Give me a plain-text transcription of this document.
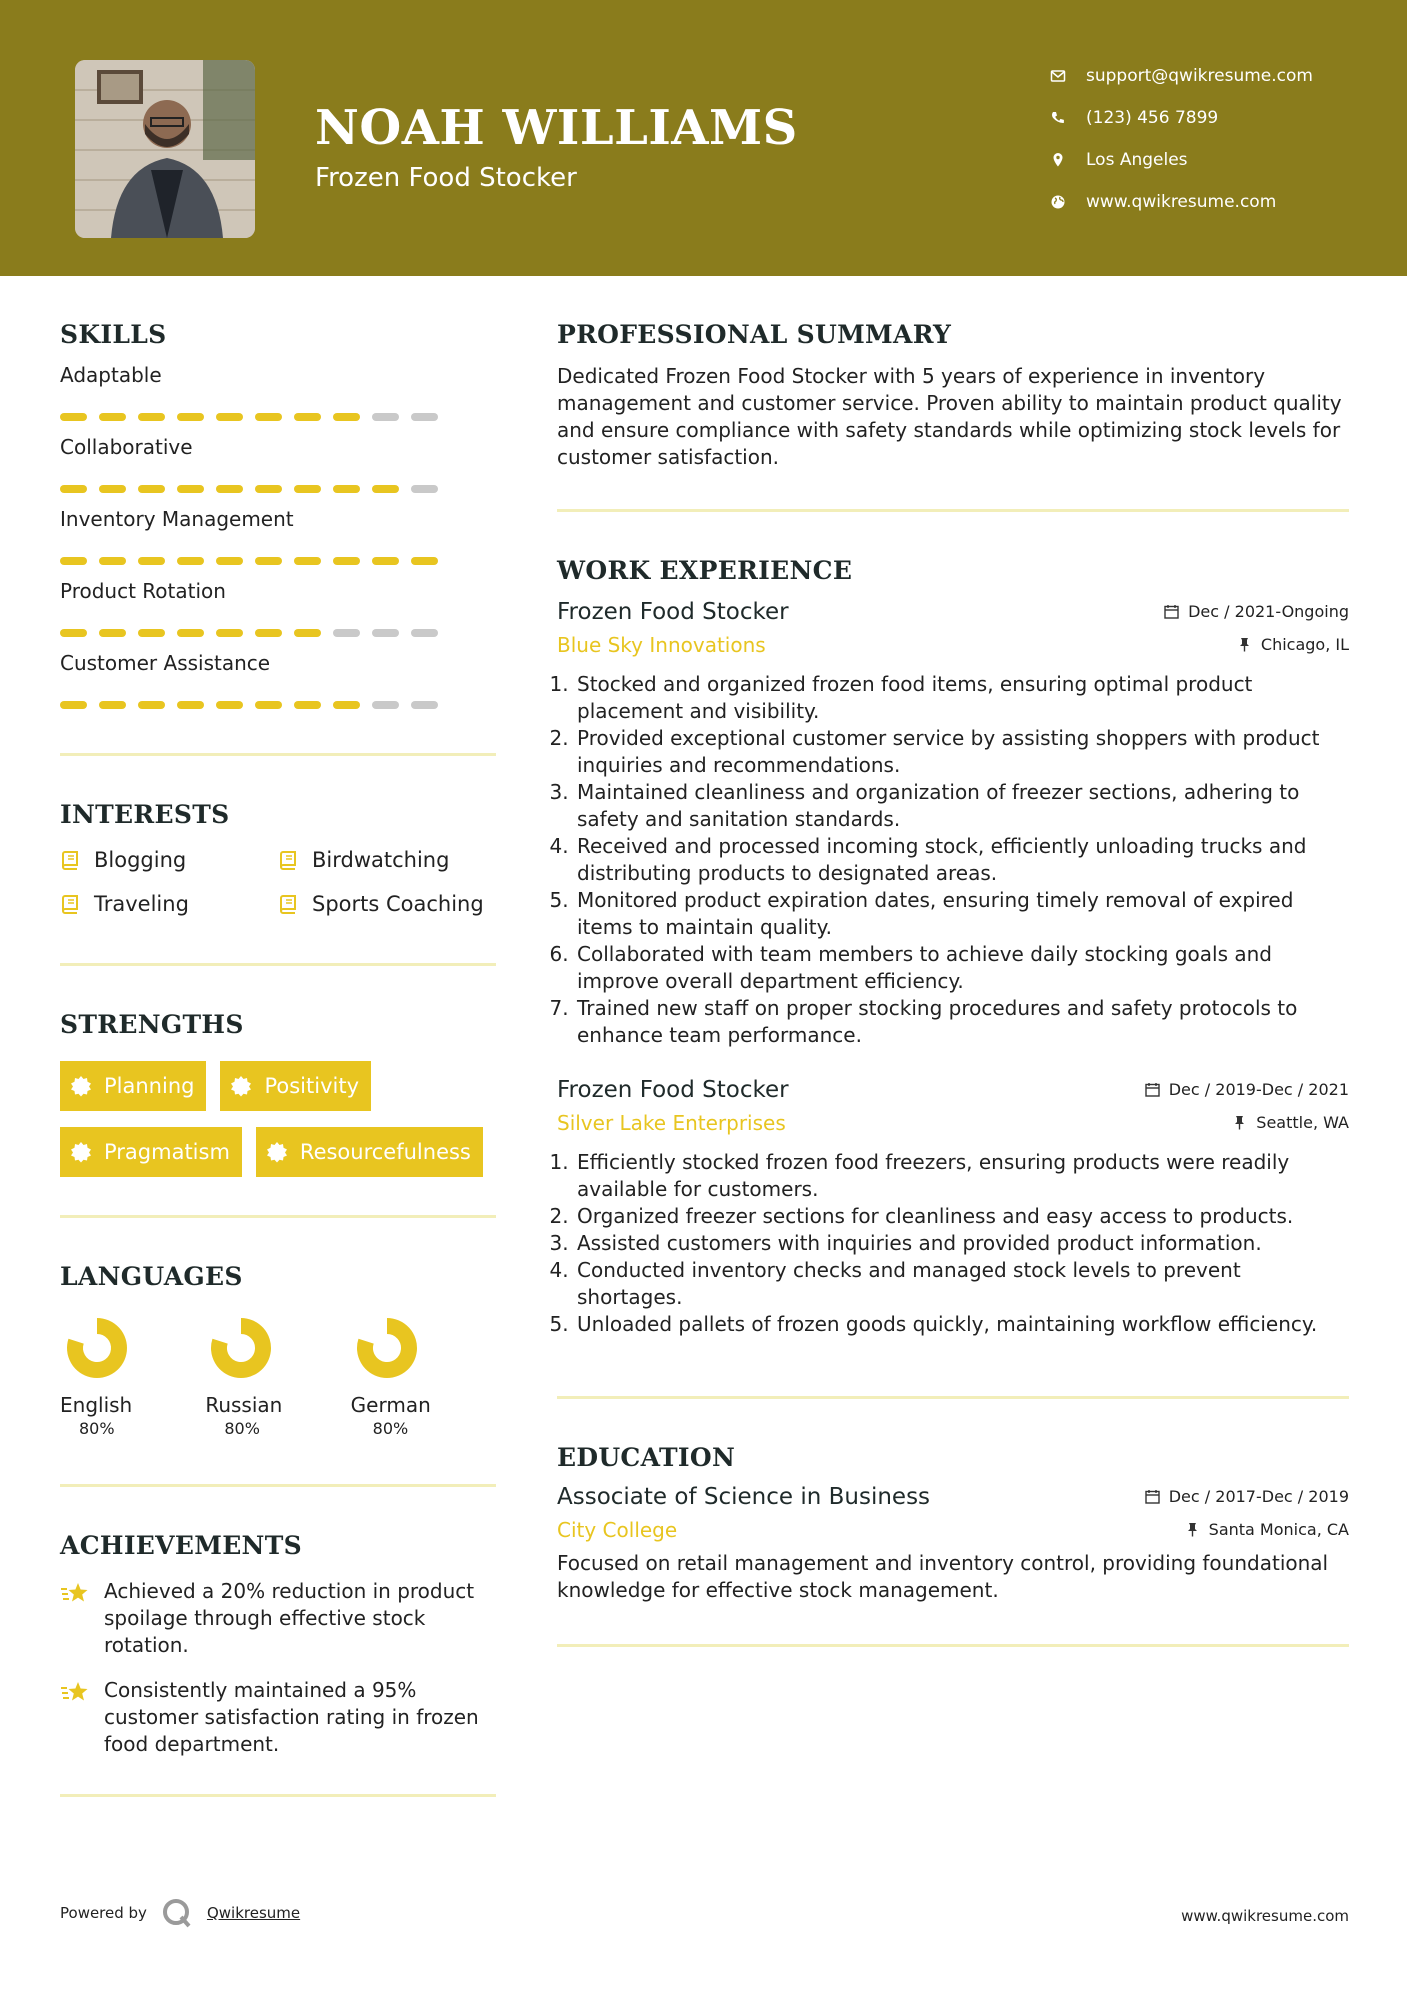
NOAH WILLIAMS
Frozen Food Stocker
support@qwikresume.com
(123) 456 7899
Los Angeles
www.qwikresume.com
SKILLS
Adaptable
Collaborative
Inventory Management
Product Rotation
Customer Assistance
INTERESTS
Blogging	Birdwatching
Traveling	Sports Coaching
STRENGTHS
Planning	Positivity
Pragmatism	Resourcefulness
LANGUAGES
English
80%
Russian
80%
German
80%
ACHIEVEMENTS
Achieved a 20% reduction in product spoilage through effective stock rotation.
Consistently maintained a 95% customer satisfaction rating in frozen food department.
PROFESSIONAL SUMMARY

Dedicated Frozen Food Stocker with 5 years of experience in inventory management and customer service. Proven ability to maintain product quality and ensure compliance with safety standards while optimizing stock levels for customer satisfaction.

WORK EXPERIENCE
Frozen Food Stocker	Dec / 2021-Ongoing
Blue Sky Innovations	Chicago, IL
1. Stocked and organized frozen food items, ensuring optimal product placement and visibility.
2. Provided exceptional customer service by assisting shoppers with product inquiries and recommendations.
3. Maintained cleanliness and organization of freezer sections, adhering to safety and sanitation standards.
4. Received and processed incoming stock, efficiently unloading trucks and distributing products to designated areas.
5. Monitored product expiration dates, ensuring timely removal of expired items to maintain quality.
6. Collaborated with team members to achieve daily stocking goals and improve overall department efficiency.
7. Trained new staff on proper stocking procedures and safety protocols to enhance team performance.
Frozen Food Stocker	Dec / 2019-Dec / 2021
Silver Lake Enterprises	Seattle, WA
1. Efficiently stocked frozen food freezers, ensuring products were readily available for customers.
2. Organized freezer sections for cleanliness and easy access to products.
3. Assisted customers with inquiries and provided product information.
4. Conducted inventory checks and managed stock levels to prevent shortages.
5. Unloaded pallets of frozen goods quickly, maintaining workflow efficiency.
EDUCATION
Associate of Science in Business	Dec / 2017-Dec / 2019
City College	Santa Monica, CA

Focused on retail management and inventory control, providing foundational knowledge for effective stock management.

Powered by	Qwikresume	www.qwikresume.com
